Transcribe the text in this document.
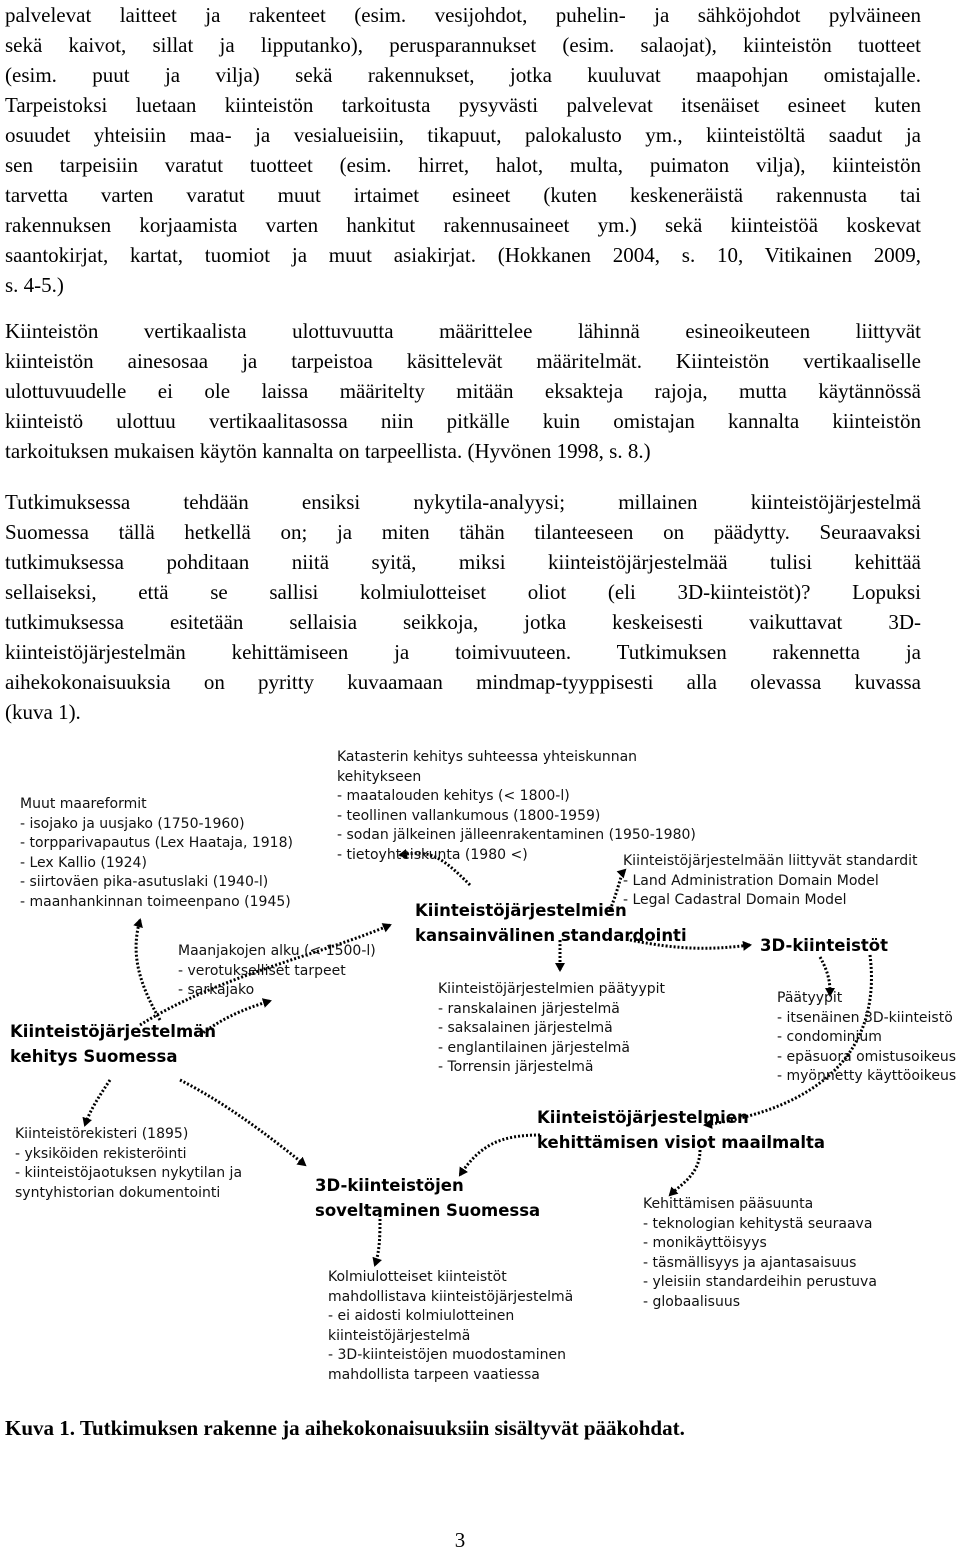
palvelevat laitteet ja rakenteet (esim. vesijohdot, puhelin- ja sähköjohdot pylväineen
sekä kaivot, sillat ja lipputanko), perusparannukset (esim. salaojat), kiinteistön tuotteet
(esim. puut ja vilja) sekä rakennukset, jotka kuuluvat maapohjan omistajalle.
Tarpeistoksi luetaan kiinteistön tarkoitusta pysyvästi palvelevat itsenäiset esineet kuten
osuudet yhteisiin maa- ja vesialueisiin, tikapuut, palokalusto ym., kiinteistöltä saadut ja
sen tarpeisiin varatut tuotteet (esim. hirret, halot, multa, puimaton vilja), kiinteistön
tarvetta varten varatut muut irtaimet esineet (kuten keskeneräistä rakennusta tai
rakennuksen korjaamista varten hankitut rakennusaineet ym.) sekä kiinteistöä koskevat
saantokirjat, kartat, tuomiot ja muut asiakirjat. (Hokkanen 2004, s. 10, Vitikainen 2009,
s. 4-5.)
Kiinteistön vertikaalista ulottuvuutta määrittelee lähinnä esineoikeuteen liittyvät
kiinteistön ainesosaa ja tarpeistoa käsittelevät määritelmät. Kiinteistön vertikaaliselle
ulottuvuudelle ei ole laissa määritelty mitään eksakteja rajoja, mutta käytännössä
kiinteistö ulottuu vertikaalitasossa niin pitkälle kuin omistajan kannalta kiinteistön
tarkoituksen mukaisen käytön kannalta on tarpeellista. (Hyvönen 1998, s. 8.)
Tutkimuksessa tehdään ensiksi nykytila-analyysi; millainen kiinteistöjärjestelmä
Suomessa tällä hetkellä on; ja miten tähän tilanteeseen on päädytty. Seuraavaksi
tutkimuksessa pohditaan niitä syitä, miksi kiinteistöjärjestelmää tulisi kehittää
sellaiseksi, että se sallisi kolmiulotteiset oliot (eli 3D-kiinteistöt)? Lopuksi
tutkimuksessa esitetään sellaisia seikkoja, jotka keskeisesti vaikuttavat 3D-
kiinteistöjärjestelmän kehittämiseen ja toimivuuteen. Tutkimuksen rakennetta ja
aihekokonaisuuksia on pyritty kuvaamaan mindmap-tyyppisesti alla olevassa kuvassa
(kuva 1).
Muut maareformit
- isojako ja uusjako (1750-1960)
- torpparivapautus (Lex Haataja, 1918)
- Lex Kallio (1924)
- siirtoväen pika-asutuslaki (1940-l)
- maanhankinnan toimeenpano (1945)
Katasterin kehitys suhteessa yhteiskunnan
kehitykseen
- maatalouden kehitys (< 1800-l)
- teollinen vallankumous (1800-1959)
- sodan jälkeinen jälleenrakentaminen (1950-1980)
- tietoyhteiskunta (1980 <)	Kiinteistöjärjestelmään liittyvät standardit
- Land Administration Domain Model
- Legal Cadastral Domain Model
Kiinteistöjärjestelmien
kansainvälinen standardointi
Maanjakojen alku (< 1500-l)
- verotukselliset tarpeet
- sarkajako
3D-kiinteistöt
Kiinteistöjärjestelmän
kehitys Suomessa
Kiinteistöjärjestelmien päätyypit
- ranskalainen järjestelmä
- saksalainen järjestelmä
- englantilainen järjestelmä
- Torrensin järjestelmä
Päätyypit
- itsenäinen 3D-kiinteistö
- condominium
- epäsuora omistusoikeus
- myönnetty käyttöoikeus
Kiinteistöjärjestelmien
kehittämisen visiot maailmalta
Kiinteistörekisteri (1895)
- yksiköiden rekisteröinti
- kiinteistöjaotuksen nykytilan ja
syntyhistorian dokumentointi	3D-kiinteistöjen
soveltaminen Suomessa	Kehittämisen pääsuunta
- teknologian kehitystä seuraava
- monikäyttöisyys
- täsmällisyys ja ajantasaisuus
- yleisiin standardeihin perustuva
- globaalisuus
Kolmiulotteiset kiinteistöt
mahdollistava kiinteistöjärjestelmä
- ei aidosti kolmiulotteinen
kiinteistöjärjestelmä
- 3D-kiinteistöjen muodostaminen
mahdollista tarpeen vaatiessa
Kuva 1. Tutkimuksen rakenne ja aihekokonaisuuksiin sisältyvät pääkohdat.
3
